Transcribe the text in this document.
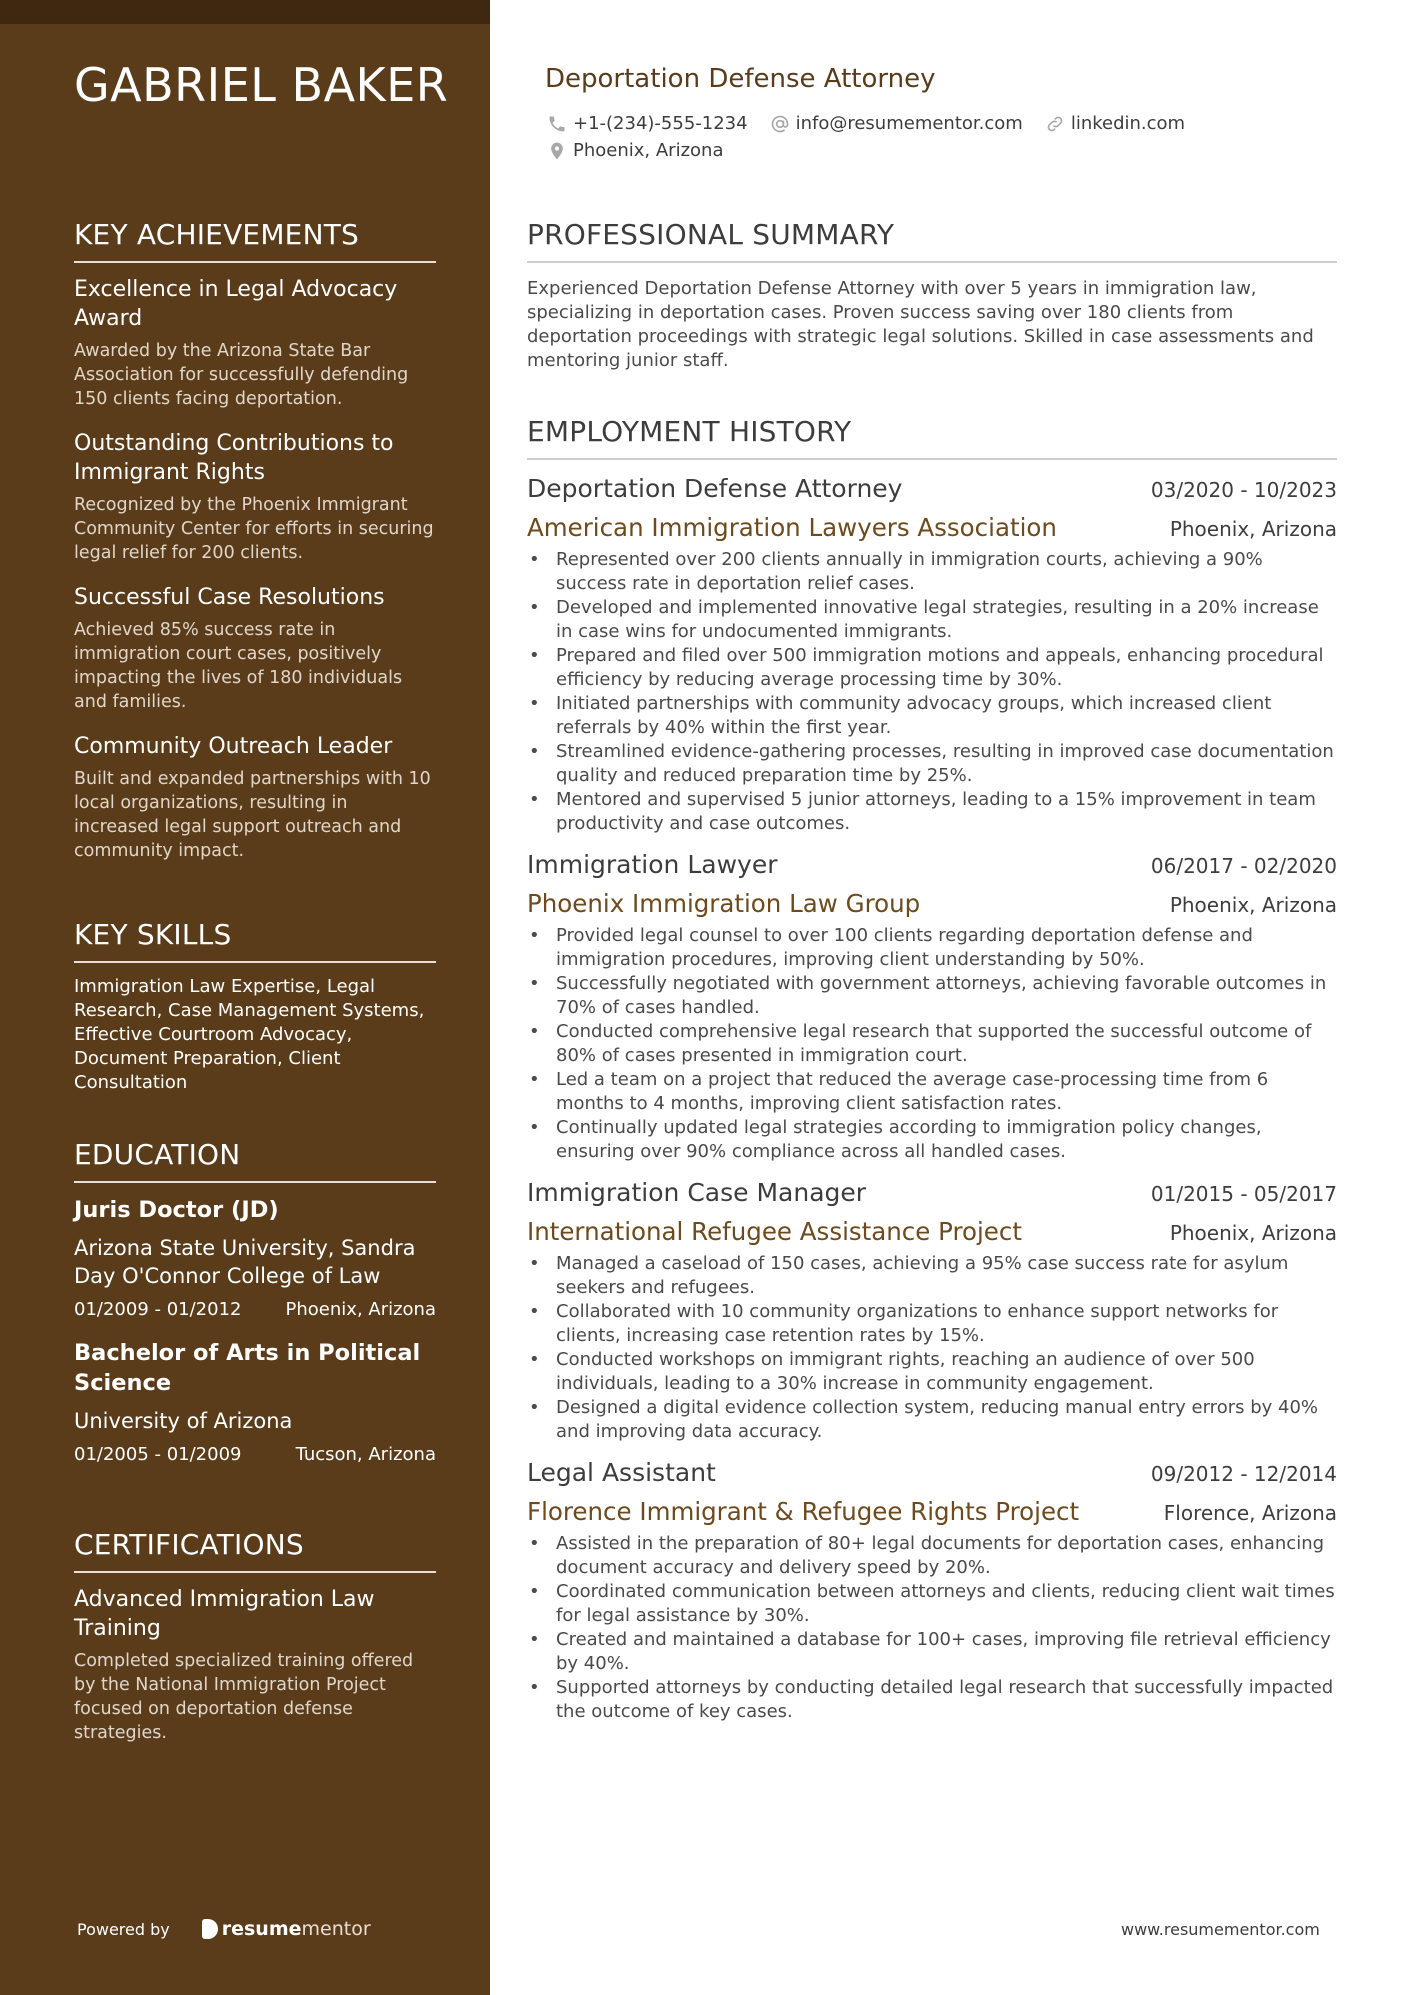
GABRIEL BAKER
KEY ACHIEVEMENTS
Excellence in Legal Advocacy Award
Awarded by the Arizona State Bar Association for successfully defending 150 clients facing deportation.
Outstanding Contributions to Immigrant Rights
Recognized by the Phoenix Immigrant Community Center for efforts in securing legal relief for 200 clients.
Successful Case Resolutions
Achieved 85% success rate in immigration court cases, positively impacting the lives of 180 individuals and families.
Community Outreach Leader
Built and expanded partnerships with 10 local organizations, resulting in increased legal support outreach and community impact.
KEY SKILLS
Immigration Law Expertise, Legal Research, Case Management Systems, Effective Courtroom Advocacy, Document Preparation, Client Consultation
EDUCATION
Juris Doctor (JD)
Arizona State University, Sandra Day O'Connor College of Law
01/2009 - 01/2012 Phoenix, Arizona
Bachelor of Arts in Political Science
University of Arizona
01/2005 - 01/2009	Tucson, Arizona
CERTIFICATIONS
Advanced Immigration Law Training
Completed specialized training offered by the National Immigration Project focused on deportation defense strategies.
Powered by	resume mentor
Deportation Defense Attorney
+1-(234)-555-1234	info@resumementor.com	linkedin.com
Phoenix, Arizona
PROFESSIONAL SUMMARY
Experienced Deportation Defense Attorney with over 5 years in immigration law, specializing in deportation cases. Proven success saving over 180 clients from deportation proceedings with strategic legal solutions. Skilled in case assessments and mentoring junior staff.
EMPLOYMENT HISTORY
Deportation Defense Attorney	03/2020 - 10/2023
American Immigration Lawyers Association	Phoenix, Arizona
• Represented over 200 clients annually in immigration courts, achieving a 90% success rate in deportation relief cases.
• Developed and implemented innovative legal strategies, resulting in a 20% increase in case wins for undocumented immigrants.
• Prepared and filed over 500 immigration motions and appeals, enhancing procedural efficiency by reducing average processing time by 30%.
• Initiated partnerships with community advocacy groups, which increased client referrals by 40% within the first year.
• Streamlined evidence-gathering processes, resulting in improved case documentation quality and reduced preparation time by 25%.
• Mentored and supervised 5 junior attorneys, leading to a 15% improvement in team productivity and case outcomes.
Immigration Lawyer	06/2017 - 02/2020
Phoenix Immigration Law Group	Phoenix, Arizona
• Provided legal counsel to over 100 clients regarding deportation defense and immigration procedures, improving client understanding by 50%.
• Successfully negotiated with government attorneys, achieving favorable outcomes in 70% of cases handled.
• Conducted comprehensive legal research that supported the successful outcome of 80% of cases presented in immigration court.
• Led a team on a project that reduced the average case-processing time from 6 months to 4 months, improving client satisfaction rates.
• Continually updated legal strategies according to immigration policy changes, ensuring over 90% compliance across all handled cases.
Immigration Case Manager	01/2015 - 05/2017
International Refugee Assistance Project	Phoenix, Arizona
• Managed a caseload of 150 cases, achieving a 95% case success rate for asylum seekers and refugees.
• Collaborated with 10 community organizations to enhance support networks for clients, increasing case retention rates by 15%.
• Conducted workshops on immigrant rights, reaching an audience of over 500 individuals, leading to a 30% increase in community engagement.
• Designed a digital evidence collection system, reducing manual entry errors by 40% and improving data accuracy.
Legal Assistant	09/2012 - 12/2014
Florence Immigrant & Refugee Rights Project	Florence, Arizona
• Assisted in the preparation of 80+ legal documents for deportation cases, enhancing document accuracy and delivery speed by 20%.
• Coordinated communication between attorneys and clients, reducing client wait times for legal assistance by 30%.
• Created and maintained a database for 100+ cases, improving file retrieval efficiency by 40%.
• Supported attorneys by conducting detailed legal research that successfully impacted the outcome of key cases.
www.resumementor.com
